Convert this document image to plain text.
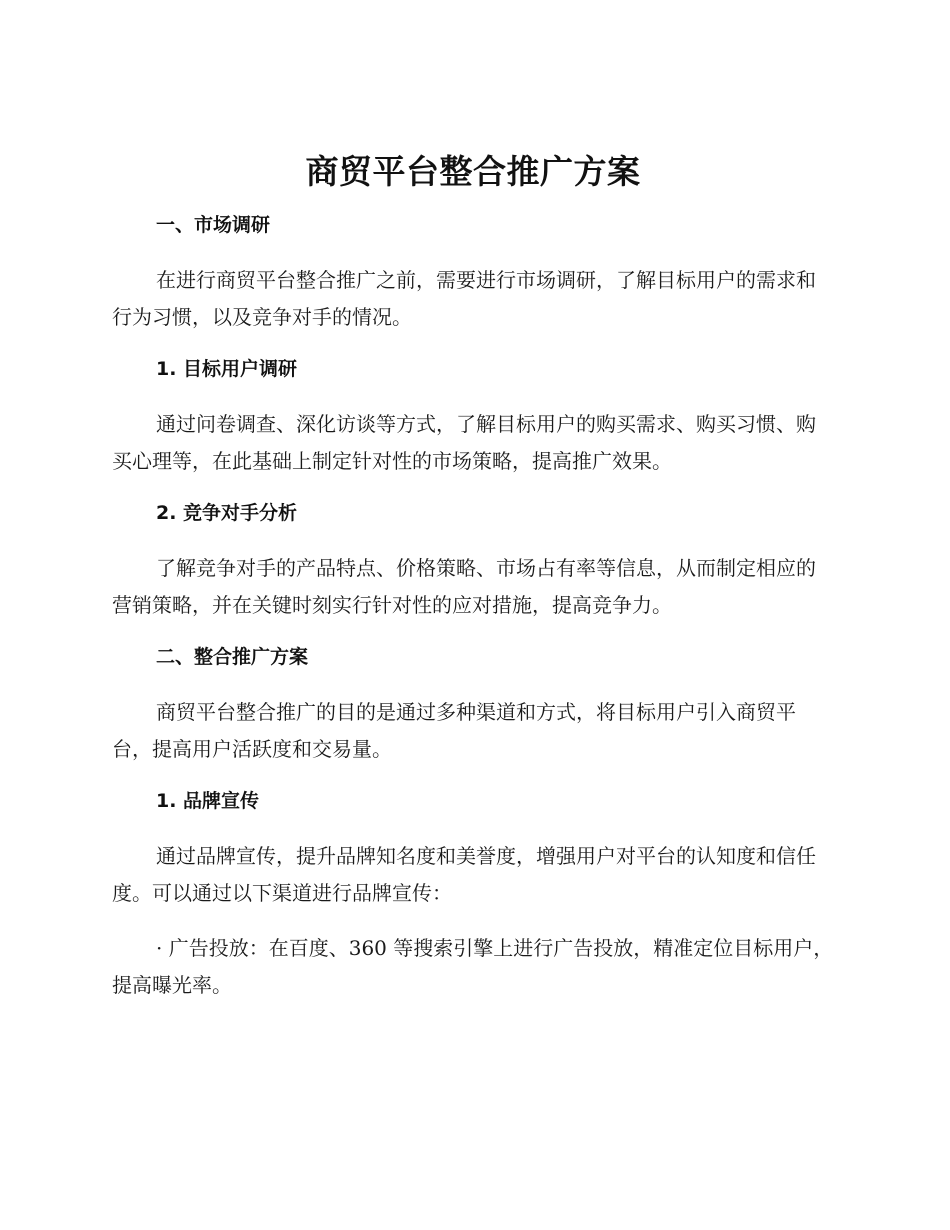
商贸平台整合推广方案
一、市场调研

在进行商贸平台整合推广之前，需要进行市场调研，了解目标用户的需求和行为习惯，以及竞争对手的情况。

1. 目标用户调研

通过问卷调查、深化访谈等方式，了解目标用户的购买需求、购买习惯、购买心理等，在此基础上制定针对性的市场策略，提高推广效果。

2. 竞争对手分析

了解竞争对手的产品特点、价格策略、市场占有率等信息，从而制定相应的营销策略，并在关键时刻实行针对性的应对措施，提高竞争力。

二、整合推广方案

商贸平台整合推广的目的是通过多种渠道和方式，将目标用户引入商贸平台，提高用户活跃度和交易量。

1. 品牌宣传

通过品牌宣传，提升品牌知名度和美誉度，增强用户对平台的认知度和信任度。可以通过以下渠道进行品牌宣传：

· 广告投放：在百度、360 等搜索引擎上进行广告投放，精准定位目标用户，提高曝光率。
